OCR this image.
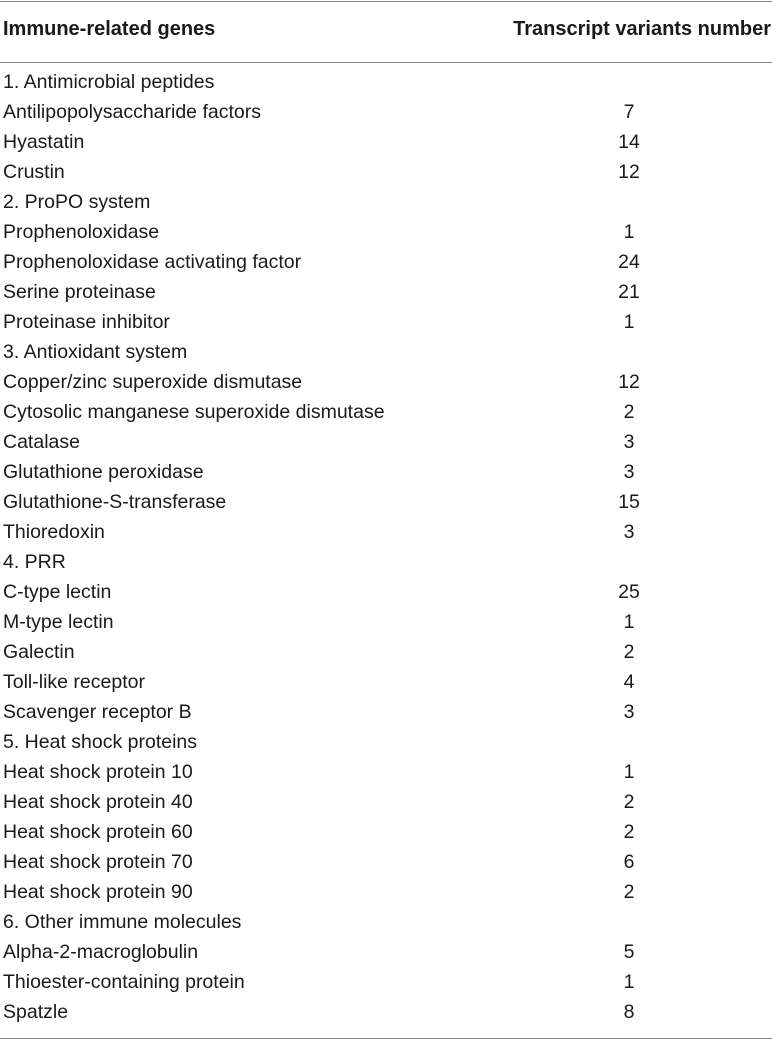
Immune-related genes	Transcript variants number
1. Antimicrobial peptides
Antilipopolysaccharide factors	7
Hyastatin	14
Crustin	12
2. ProPO system
Prophenoloxidase	1
Prophenoloxidase activating factor	24
Serine proteinase	21
Proteinase inhibitor	1
3. Antioxidant system
Copper/zinc superoxide dismutase	12
Cytosolic manganese superoxide dismutase	2
Catalase	3
Glutathione peroxidase	3
Glutathione-S-transferase	15
Thioredoxin	3
4. PRR
C-type lectin	25
M-type lectin	1
Galectin	2
Toll-like receptor	4
Scavenger receptor B	3
5. Heat shock proteins
Heat shock protein 10	1
Heat shock protein 40	2
Heat shock protein 60	2
Heat shock protein 70	6
Heat shock protein 90	2
6. Other immune molecules
Alpha-2-macroglobulin	5
Thioester-containing protein	1
Spatzle	8
